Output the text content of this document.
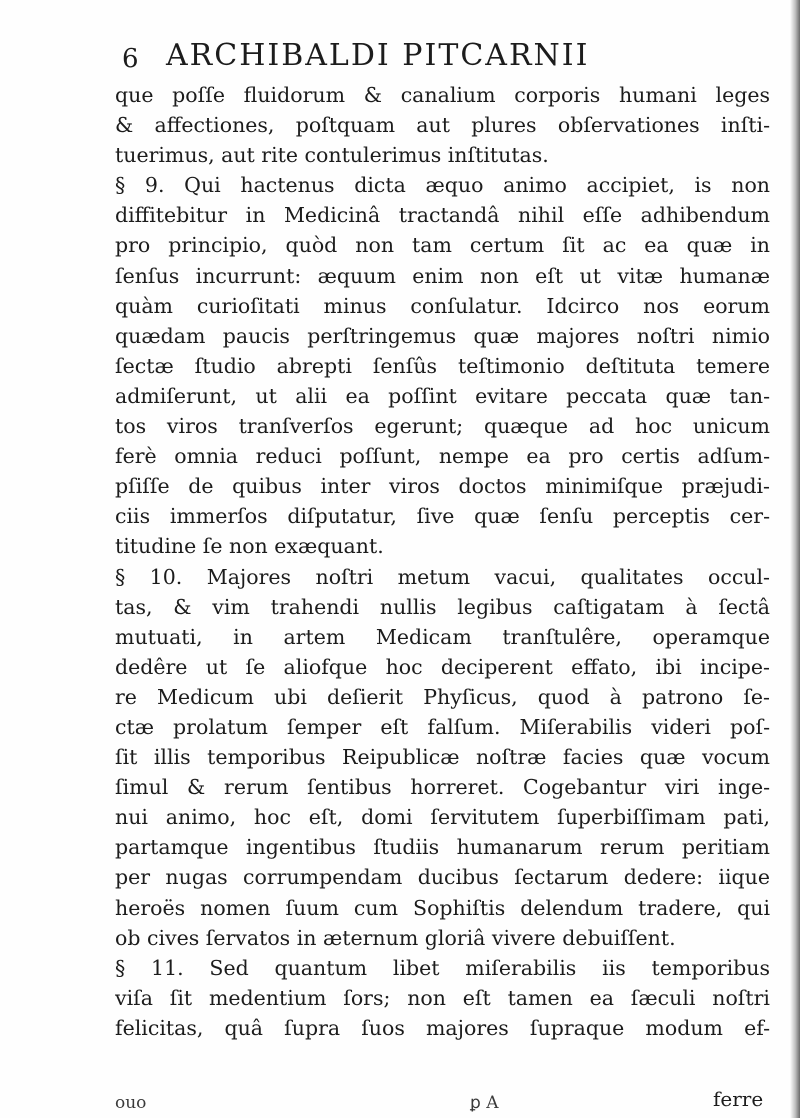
6 ARCHIBALDI PITCARNII
que poſſe fluidorum & canalium corporis humani leges
& affectiones, poſtquam aut plures obſervationes inſti-
tuerimus, aut rite contulerimus inſtitutas.
§ 9. Qui hactenus dicta æquo animo accipiet, is non
diffitebitur in Medicinâ tractandâ nihil eſſe adhibendum
pro principio, quòd non tam certum ſit ac ea quæ in
ſenſus incurrunt: æquum enim non eſt ut vitæ humanæ
quàm curioſitati minus conſulatur. Idcirco nos eorum
quædam paucis perſtringemus quæ majores noſtri nimio
ſectæ ſtudio abrepti ſenſûs teſtimonio deſtituta temere
admiſerunt, ut alii ea poſſint evitare peccata quæ tan-
tos viros tranſverſos egerunt; quæque ad hoc unicum
ferè omnia reduci poſſunt, nempe ea pro certis adſum-
pſiſſe de quibus inter viros doctos minimiſque præjudi-
ciis immerſos diſputatur, ſive quæ ſenſu perceptis cer-
titudine ſe non exæquant.
§ 10. Majores noſtri metum vacui, qualitates occul-
tas, & vim trahendi nullis legibus caſtigatam à ſectâ
mutuati, in artem Medicam tranſtulêre, operamque
dedêre ut ſe aliofque hoc deciperent effato, ibi incipe-
re Medicum ubi deſierit Phyſicus, quod à patrono ſe-
ctæ prolatum ſemper eſt falſum. Miſerabilis videri poſ-
ſit illis temporibus Reipublicæ noſtræ facies quæ vocum
ſimul & rerum ſentibus horreret. Cogebantur viri inge-
nui animo, hoc eſt, domi ſervitutem ſuperbiſſimam pati,
partamque ingentibus ſtudiis humanarum rerum peritiam
per nugas corrumpendam ducibus ſectarum dedere: iique
heroës nomen ſuum cum Sophiſtis delendum tradere, qui
ob cives ſervatos in æternum gloriâ vivere debuiſſent.
§ 11. Sed quantum libet miſerabilis iis temporibus
viſa ſit medentium ſors; non eſt tamen ea ſæculi noſtri
felicitas, quâ ſupra ſuos majores ſupraque modum ef-
ouo	ꝑ A	ferre
